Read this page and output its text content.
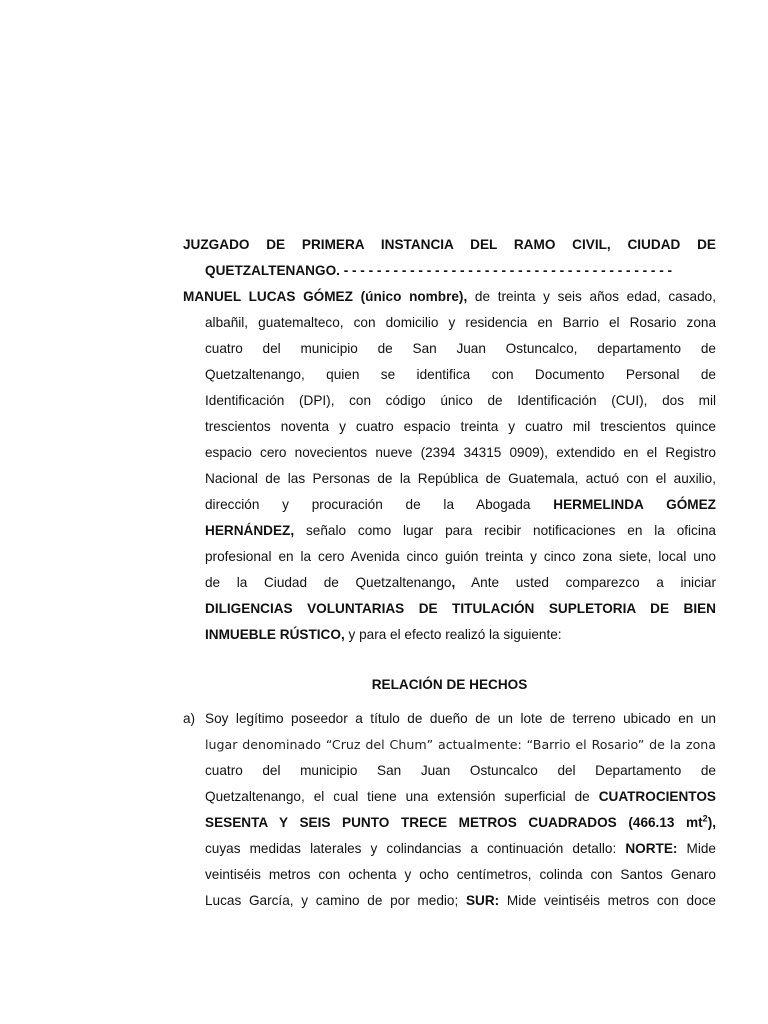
JUZGADO DE PRIMERA INSTANCIA DEL RAMO CIVIL, CIUDAD DE
QUETZALTENANGO. - - - - - - - - - - - - - - - - - - - - - - - - - - - - - - - - - - - - - - - -
MANUEL LUCAS GÓMEZ (único nombre), de treinta y seis años edad, casado,
albañil, guatemalteco, con domicilio y residencia en Barrio el Rosario zona
cuatro del municipio de San Juan Ostuncalco, departamento de
Quetzaltenango, quien se identifica con Documento Personal de
Identificación (DPI), con código único de Identificación (CUI), dos mil
trescientos noventa y cuatro espacio treinta y cuatro mil trescientos quince
espacio cero novecientos nueve (2394 34315 0909), extendido en el Registro
Nacional de las Personas de la República de Guatemala, actuó con el auxilio,
dirección y procuración de la Abogada HERMELINDA GÓMEZ
HERNÁNDEZ, señalo como lugar para recibir notificaciones en la oficina
profesional en la cero Avenida cinco guión treinta y cinco zona siete, local uno
de la Ciudad de Quetzaltenango, Ante usted comparezco a iniciar
DILIGENCIAS VOLUNTARIAS DE TITULACIÓN SUPLETORIA DE BIEN
INMUEBLE RÚSTICO, y para el efecto realizó la siguiente:
RELACIÓN DE HECHOS
a) Soy legítimo poseedor a título de dueño de un lote de terreno ubicado en un
lugar denominado “Cruz del Chum” actualmente: “Barrio el Rosario” de la zona
cuatro del municipio San Juan Ostuncalco del Departamento de
Quetzaltenango, el cual tiene una extensión superficial de CUATROCIENTOS
SESENTA Y SEIS PUNTO TRECE METROS CUADRADOS (466.13 $mt^2$),
cuyas medidas laterales y colindancias a continuación detallo: NORTE: Mide
veintiséis metros con ochenta y ocho centímetros, colinda con Santos Genaro
Lucas García, y camino de por medio; SUR: Mide veintiséis metros con doce
